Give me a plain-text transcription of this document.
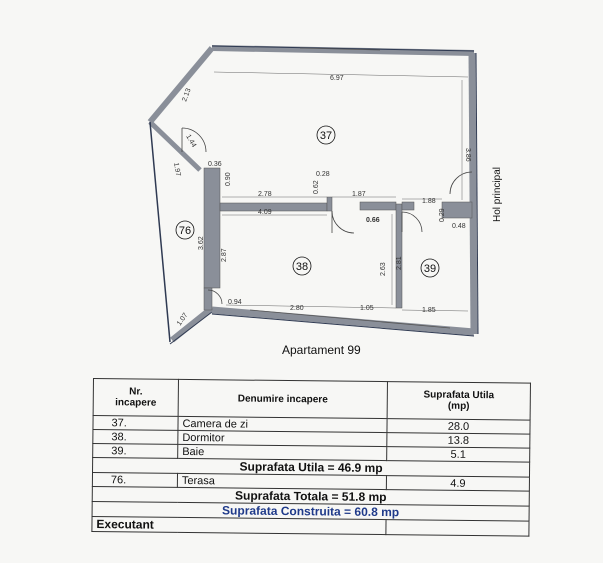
37
38	39
76
Hol principal
6.97
2.13
3.86
1.44
1.97	0.36
0.90	0.28
0.62
2.78	1.87
1.88
4.09
0.66	0.29
0.48
3.62
2.87
2.63 2.81
0.94
2.80	1.05	1.85
1.07
Apartament 99
Nr.
incapere	Denumire incapere	Suprafata Utila
(mp)
37.	Camera de zi	28.0
38.	Dormitor	13.8
39.	Baie	5.1
Suprafata Utila = 46.9 mp		
76.	Terasa	4.9
Suprafata Totala = 51.8 mp		
Suprafata Construita = 60.8 mp		
Executant		
